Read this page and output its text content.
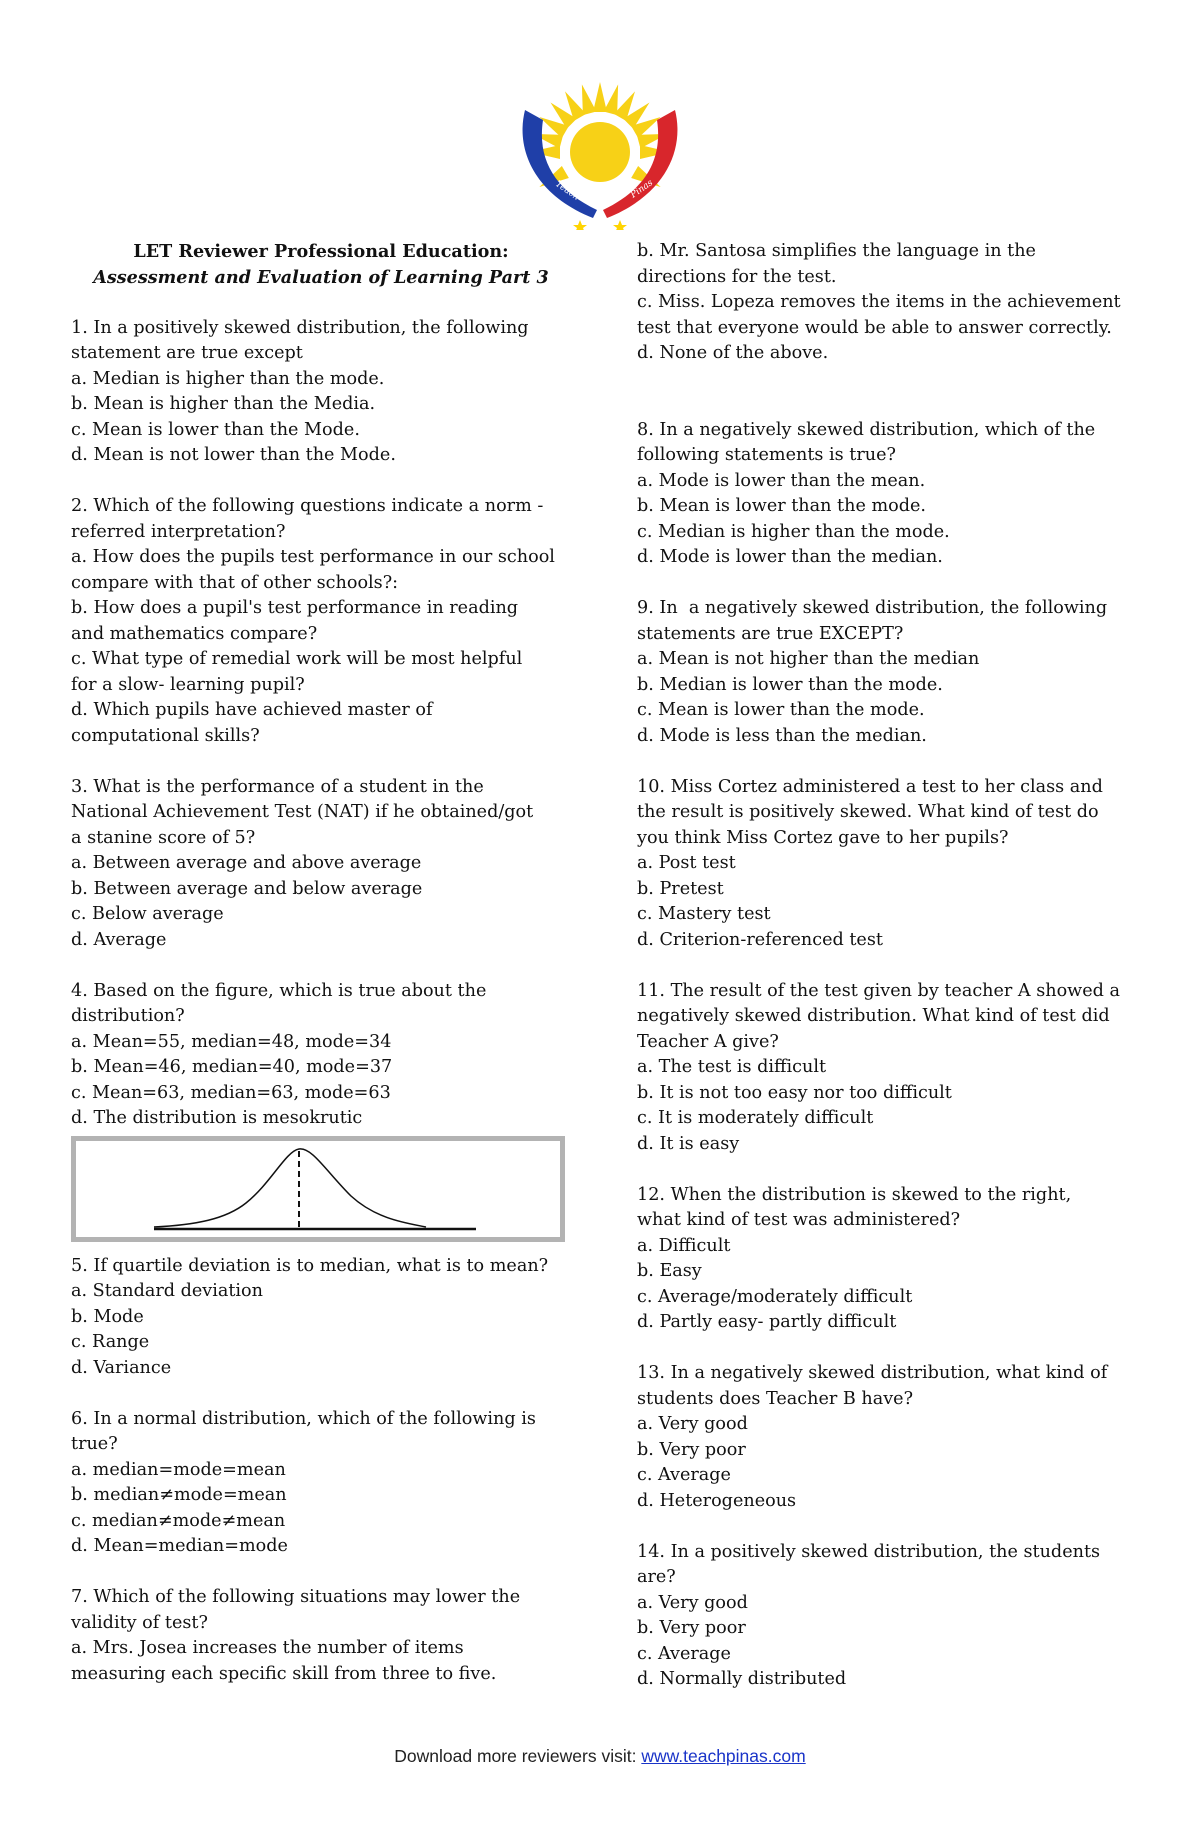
Teach	Pinas
LET Reviewer Professional Education:
Assessment and Evaluation of Learning Part 3
1. In a positively skewed distribution, the following
statement are true except
a. Median is higher than the mode.
b. Mean is higher than the Media.
c. Mean is lower than the Mode.
d. Mean is not lower than the Mode.
2. Which of the following questions indicate a norm -
referred interpretation?
a. How does the pupils test performance in our school
compare with that of other schools?:
b. How does a pupil's test performance in reading
and mathematics compare?
c. What type of remedial work will be most helpful
for a slow- learning pupil?
d. Which pupils have achieved master of
computational skills?
3. What is the performance of a student in the
National Achievement Test (NAT) if he obtained/got
a stanine score of 5?
a. Between average and above average
b. Between average and below average
c. Below average
d. Average
4. Based on the figure, which is true about the
distribution?
a. Mean=55, median=48, mode=34
b. Mean=46, median=40, mode=37
c. Mean=63, median=63, mode=63
d. The distribution is mesokrutic
5. If quartile deviation is to median, what is to mean?
a. Standard deviation
b. Mode
c. Range
d. Variance
6. In a normal distribution, which of the following is
true?
a. median=mode=mean
b. median≠mode=mean
c. median≠mode≠mean
d. Mean=median=mode
7. Which of the following situations may lower the
validity of test?
a. Mrs. Josea increases the number of items
measuring each specific skill from three to five.
b. Mr. Santosa simplifies the language in the
directions for the test.
c. Miss. Lopeza removes the items in the achievement
test that everyone would be able to answer correctly.
d. None of the above.
8. In a negatively skewed distribution, which of the
following statements is true?
a. Mode is lower than the mean.
b. Mean is lower than the mode.
c. Median is higher than the mode.
d. Mode is lower than the median.
9. In  a negatively skewed distribution, the following
statements are true EXCEPT?
a. Mean is not higher than the median
b. Median is lower than the mode.
c. Mean is lower than the mode.
d. Mode is less than the median.
10. Miss Cortez administered a test to her class and
the result is positively skewed. What kind of test do
you think Miss Cortez gave to her pupils?
a. Post test
b. Pretest
c. Mastery test
d. Criterion-referenced test
11. The result of the test given by teacher A showed a
negatively skewed distribution. What kind of test did
Teacher A give?
a. The test is difficult
b. It is not too easy nor too difficult
c. It is moderately difficult
d. It is easy
12. When the distribution is skewed to the right,
what kind of test was administered?
a. Difficult
b. Easy
c. Average/moderately difficult
d. Partly easy- partly difficult
13. In a negatively skewed distribution, what kind of
students does Teacher B have?
a. Very good
b. Very poor
c. Average
d. Heterogeneous
14. In a positively skewed distribution, the students
are?
a. Very good
b. Very poor
c. Average
d. Normally distributed
Download more reviewers visit: www.teachpinas.com
